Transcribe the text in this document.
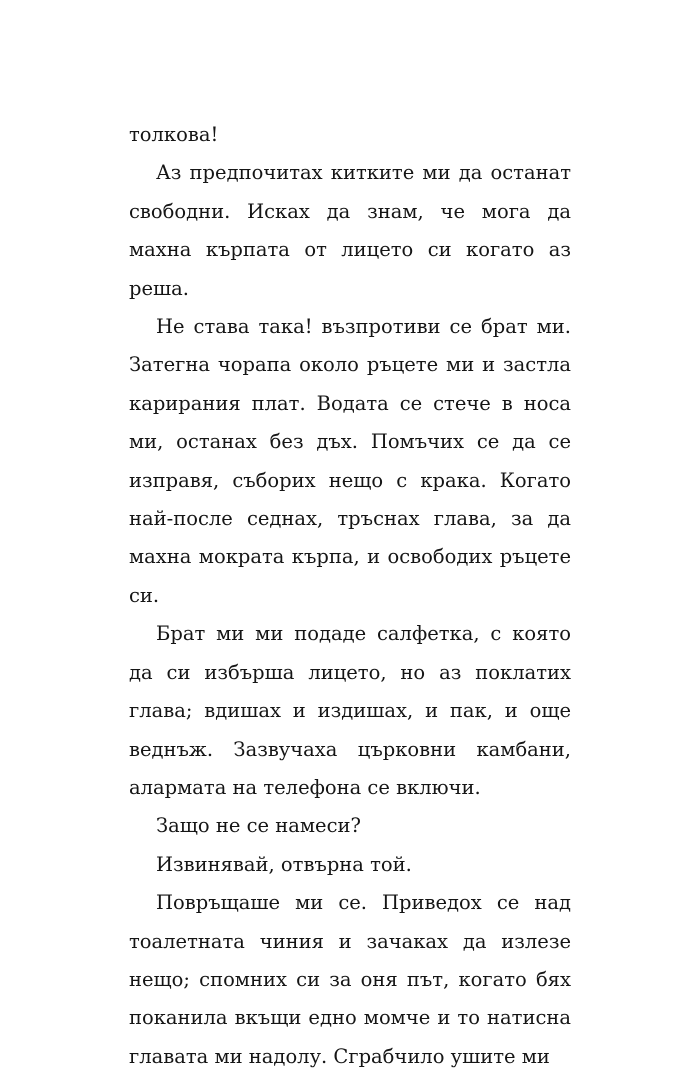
толкова!

Аз предпочитах китките ми да останат свободни. Исках да знам, че мога да махна кърпата от лицето си когато аз реша.

Не става така! възпротиви се брат ми. Затегна чорапа около ръцете ми и застла карирания плат. Водата се стече в носа ми, останах без дъх. Помъчих се да се изправя, съборих нещо с крака. Когато най-после седнах, тръснах глава, за да махна мократа кърпа, и освободих ръцете си.

Брат ми ми подаде салфетка, с която да си избърша лицето, но аз поклатих глава; вдишах и издишах, и пак, и още веднъж. Зазвучаха църковни камбани, алармата на телефона се включи.

Защо не се намеси?

Извинявай, отвърна той.

Повръщаше ми се. Приведох се над тоалетната чиния и зачаках да излезе нещо; спомних си за оня път, когато бях поканила вкъщи едно момче и то натисна главата ми надолу. Сграбчило ушите ми
